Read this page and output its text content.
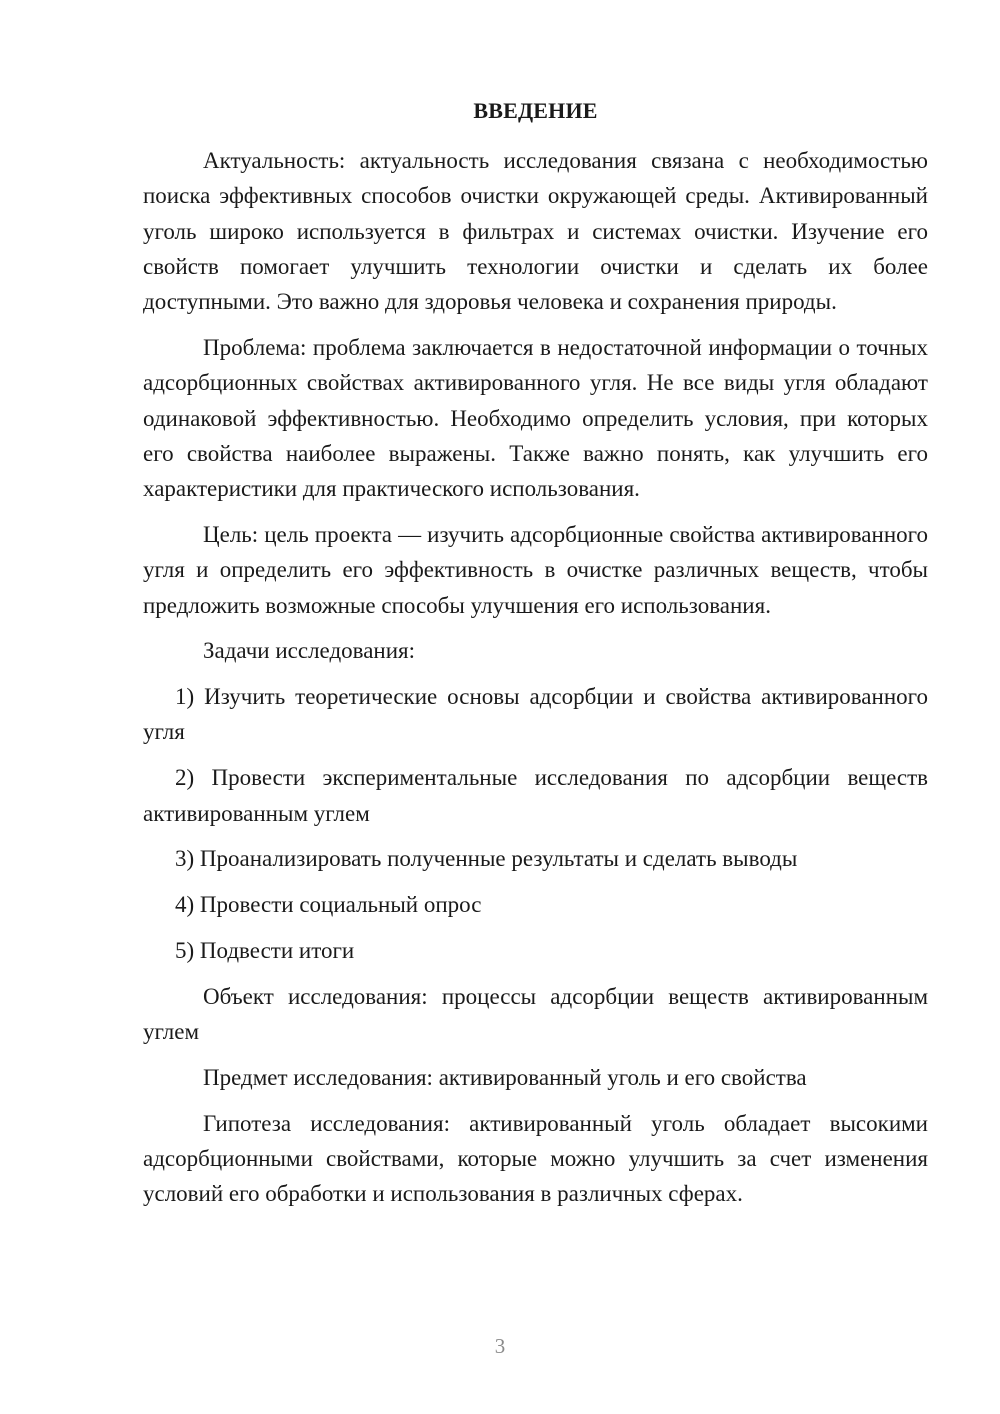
ВВЕДЕНИЕ

Актуальность: актуальность исследования связана с необходимостью поиска эффективных способов очистки окружающей среды. Активированный уголь широко используется в фильтрах и системах очистки. Изучение его свойств помогает улучшить технологии очистки и сделать их более доступными. Это важно для здоровья человека и сохранения природы.

Проблема: проблема заключается в недостаточной информации о точных адсорбционных свойствах активированного угля. Не все виды угля обладают одинаковой эффективностью. Необходимо определить условия, при которых его свойства наиболее выражены. Также важно понять, как улучшить его характеристики для практического использования.

Цель: цель проекта — изучить адсорбционные свойства активированного угля и определить его эффективность в очистке различных веществ, чтобы предложить возможные способы улучшения его использования.

Задачи исследования:

1) Изучить теоретические основы адсорбции и свойства активированного угля

2) Провести экспериментальные исследования по адсорбции веществ активированным углем

3) Проанализировать полученные результаты и сделать выводы

4) Провести социальный опрос

5) Подвести итоги

Объект исследования: процессы адсорбции веществ активированным углем

Предмет исследования: активированный уголь и его свойства

Гипотеза исследования: активированный уголь обладает высокими адсорбционными свойствами, которые можно улучшить за счет изменения условий его обработки и использования в различных сферах.

3
